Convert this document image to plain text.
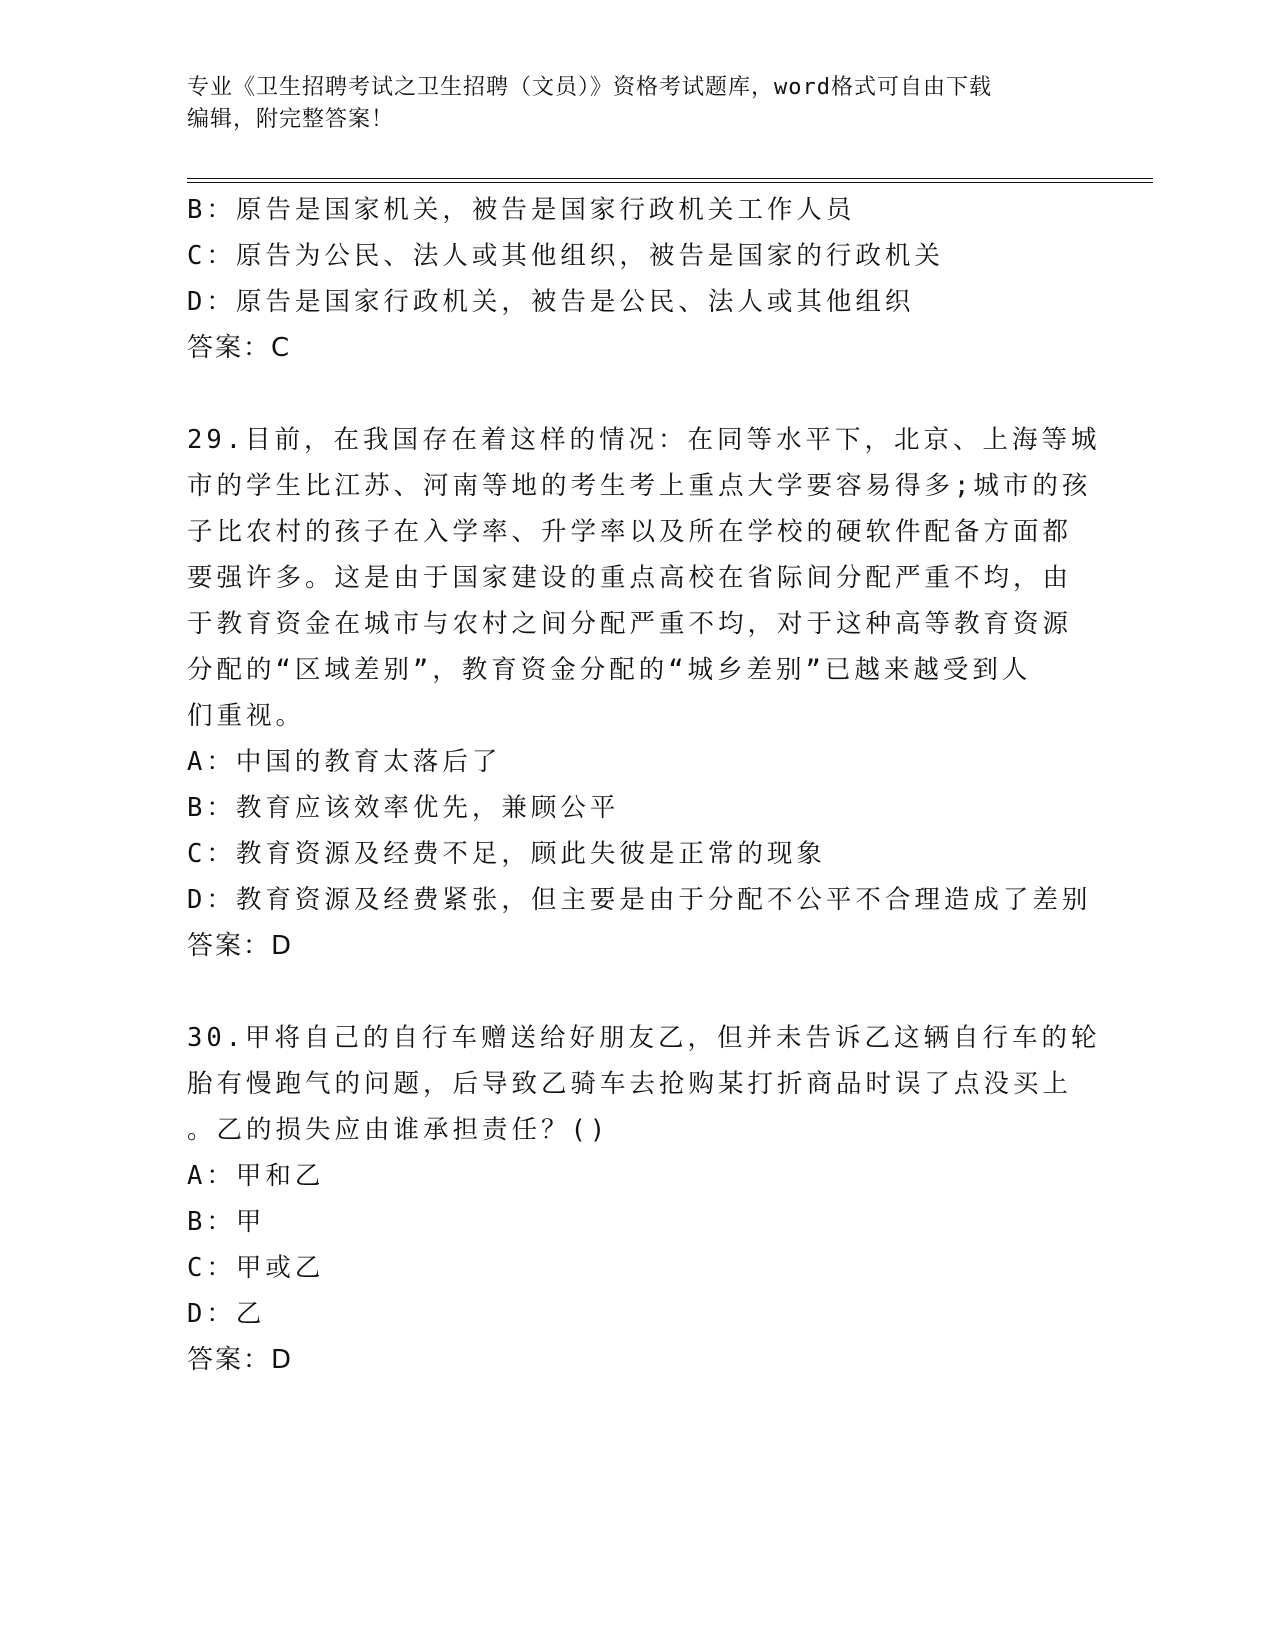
专业《卫生招聘考试之卫生招聘（文员）》资格考试题库，word格式可自由下载
编辑，附完整答案！

B：原告是国家机关，被告是国家行政机关工作人员

C：原告为公民、法人或其他组织，被告是国家的行政机关

D：原告是国家行政机关，被告是公民、法人或其他组织

答案：C

29.目前，在我国存在着这样的情况：在同等水平下，北京、上海等城

市的学生比江苏、河南等地的考生考上重点大学要容易得多;城市的孩

子比农村的孩子在入学率、升学率以及所在学校的硬软件配备方面都

要强许多。这是由于国家建设的重点高校在省际间分配严重不均，由

于教育资金在城市与农村之间分配严重不均，对于这种高等教育资源

分配的“区域差别”，教育资金分配的“城乡差别”已越来越受到人

们重视。

A：中国的教育太落后了

B：教育应该效率优先，兼顾公平

C：教育资源及经费不足，顾此失彼是正常的现象

D：教育资源及经费紧张，但主要是由于分配不公平不合理造成了差别

答案：D

30.甲将自己的自行车赠送给好朋友乙，但并未告诉乙这辆自行车的轮

胎有慢跑气的问题，后导致乙骑车去抢购某打折商品时误了点没买上

。乙的损失应由谁承担责任？()

A：甲和乙

B：甲

C：甲或乙

D：乙

答案：D
